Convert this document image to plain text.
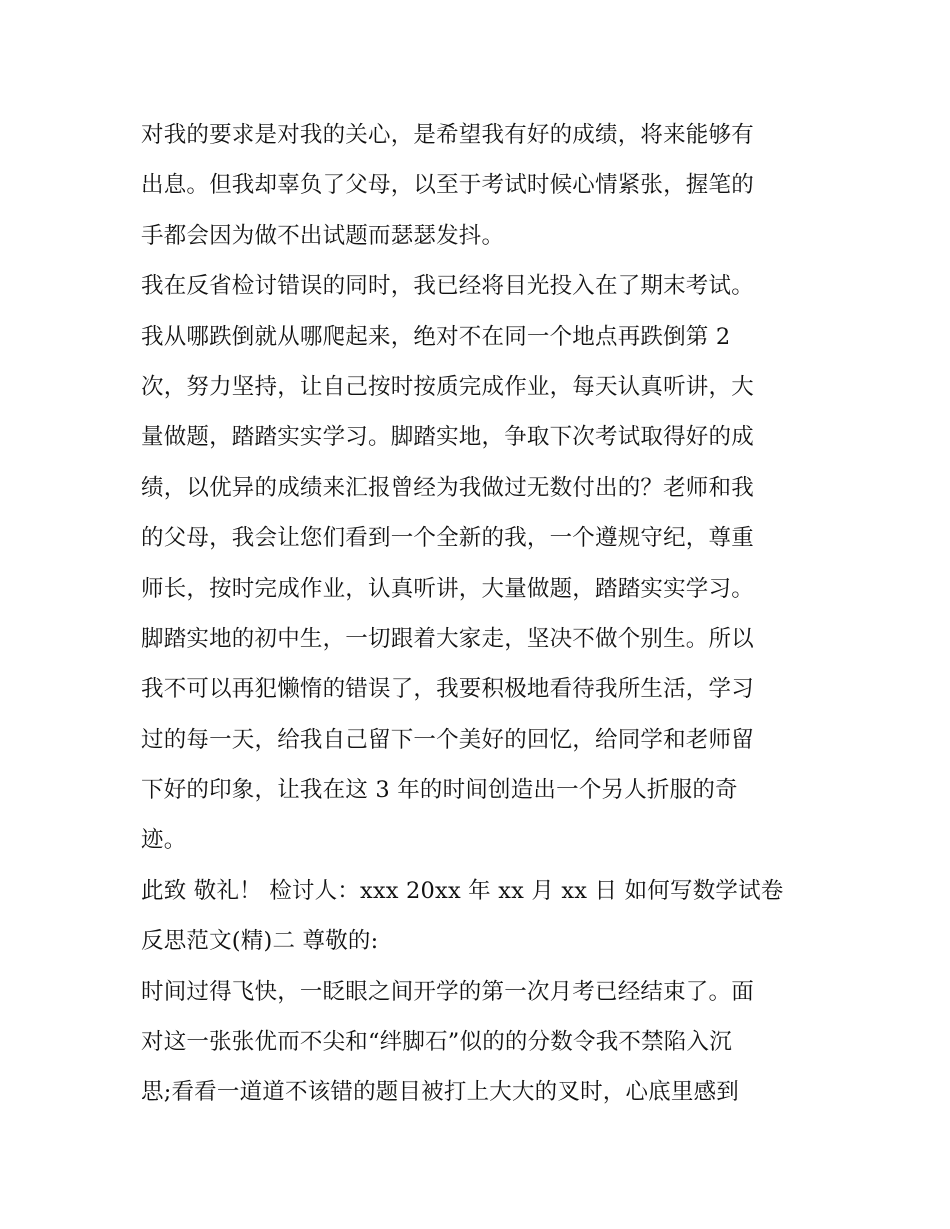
对我的要求是对我的关心，是希望我有好的成绩，将来能够有
出息。但我却辜负了父母，以至于考试时候心情紧张，握笔的
手都会因为做不出试题而瑟瑟发抖。
我在反省检讨错误的同时，我已经将目光投入在了期末考试。
我从哪跌倒就从哪爬起来，绝对不在同一个地点再跌倒第 2
次，努力坚持，让自己按时按质完成作业，每天认真听讲，大
量做题，踏踏实实学习。脚踏实地，争取下次考试取得好的成
绩，以优异的成绩来汇报曾经为我做过无数付出的？老师和我
的父母，我会让您们看到一个全新的我，一个遵规守纪，尊重
师长，按时完成作业，认真听讲，大量做题，踏踏实实学习。
脚踏实地的初中生，一切跟着大家走，坚决不做个别生。所以
我不可以再犯懒惰的错误了，我要积极地看待我所生活，学习
过的每一天，给我自己留下一个美好的回忆，给同学和老师留
下好的印象，让我在这 3 年的时间创造出一个另人折服的奇
迹。
此致 敬礼！ 检讨人：xxx 20xx 年 xx 月 xx 日 如何写数学试卷
反思范文(精)二 尊敬的:
时间过得飞快，一眨眼之间开学的第一次月考已经结束了。面
对这一张张优而不尖和“绊脚石”似的的分数令我不禁陷入沉
思;看看一道道不该错的题目被打上大大的叉时，心底里感到
